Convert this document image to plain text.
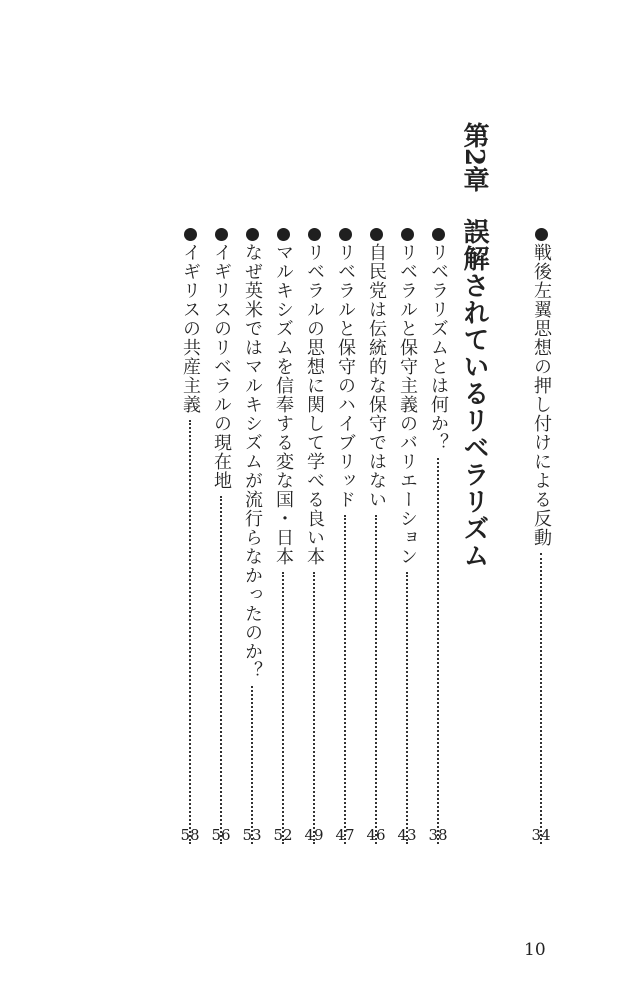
戦後左翼思想の押し付けによる反動
34
第2章
誤解されているリベラリズム
リベラリズムとは何か？
38
リベラルと保守主義のバリエーション
43
自民党は伝統的な保守ではない
46
リベラルと保守のハイブリッド
47
リベラルの思想に関して学べる良い本
49
マルキシズムを信奉する変な国・日本
52
なぜ英米ではマルキシズムが流行らなかったのか？
53
イギリスのリベラルの現在地
56
イギリスの共産主義
58
10
